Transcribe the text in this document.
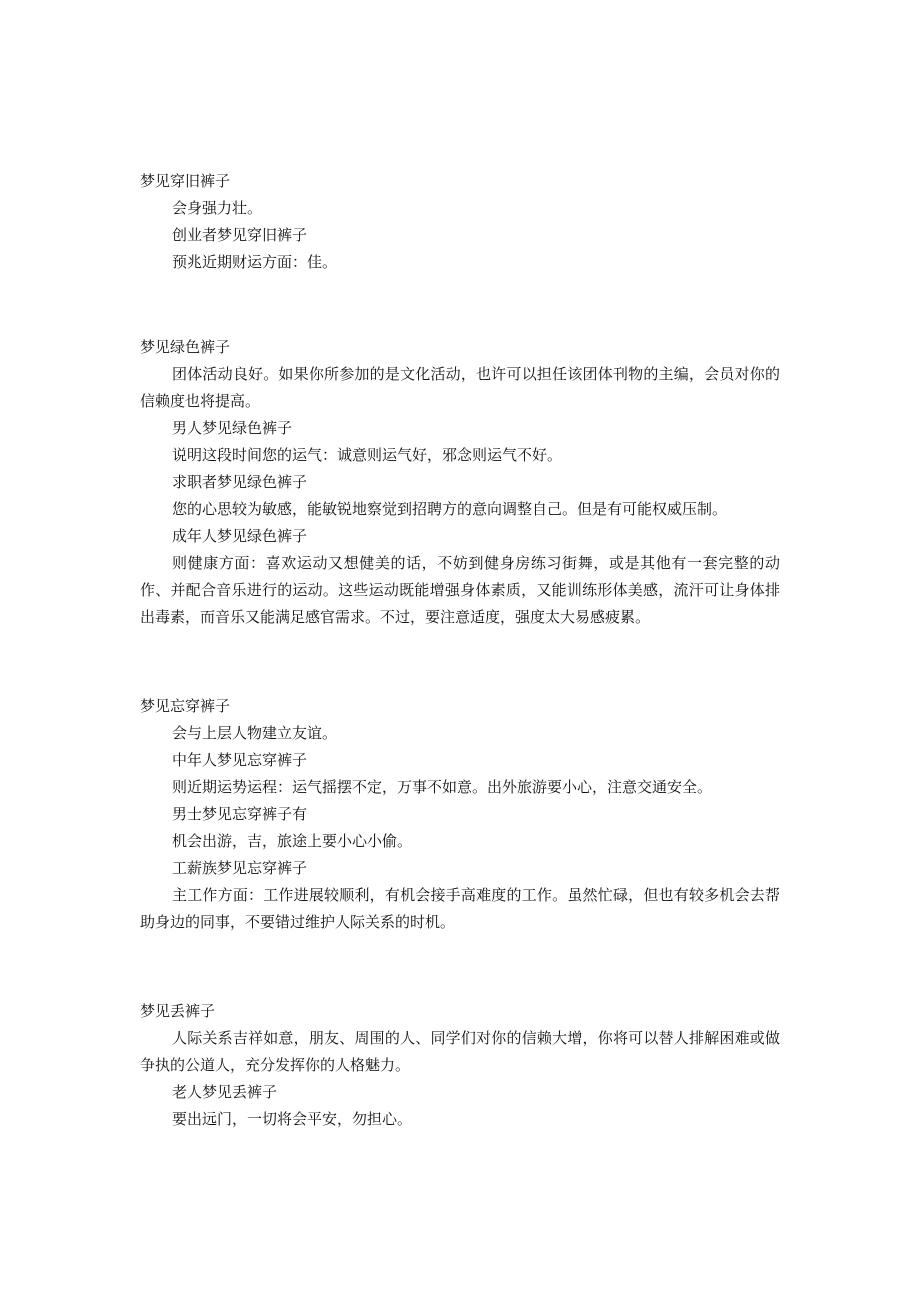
梦见穿旧裤子

会身强力壮。

创业者梦见穿旧裤子

预兆近期财运方面：佳。

梦见绿色裤子

团体活动良好。如果你所参加的是文化活动，也许可以担任该团体刊物的主编，会员对你的信赖度也将提高。

男人梦见绿色裤子

说明这段时间您的运气：诚意则运气好，邪念则运气不好。

求职者梦见绿色裤子

您的心思较为敏感，能敏锐地察觉到招聘方的意向调整自己。但是有可能权威压制。

成年人梦见绿色裤子

则健康方面：喜欢运动又想健美的话，不妨到健身房练习街舞，或是其他有一套完整的动作、并配合音乐进行的运动。这些运动既能增强身体素质，又能训练形体美感，流汗可让身体排出毒素，而音乐又能满足感官需求。不过，要注意适度，强度太大易感疲累。

梦见忘穿裤子

会与上层人物建立友谊。

中年人梦见忘穿裤子

则近期运势运程：运气摇摆不定，万事不如意。出外旅游要小心，注意交通安全。

男士梦见忘穿裤子有

机会出游，吉，旅途上要小心小偷。

工薪族梦见忘穿裤子

主工作方面：工作进展较顺利，有机会接手高难度的工作。虽然忙碌，但也有较多机会去帮助身边的同事，不要错过维护人际关系的时机。

梦见丢裤子

人际关系吉祥如意，朋友、周围的人、同学们对你的信赖大增，你将可以替人排解困难或做争执的公道人，充分发挥你的人格魅力。

老人梦见丢裤子

要出远门，一切将会平安，勿担心。
